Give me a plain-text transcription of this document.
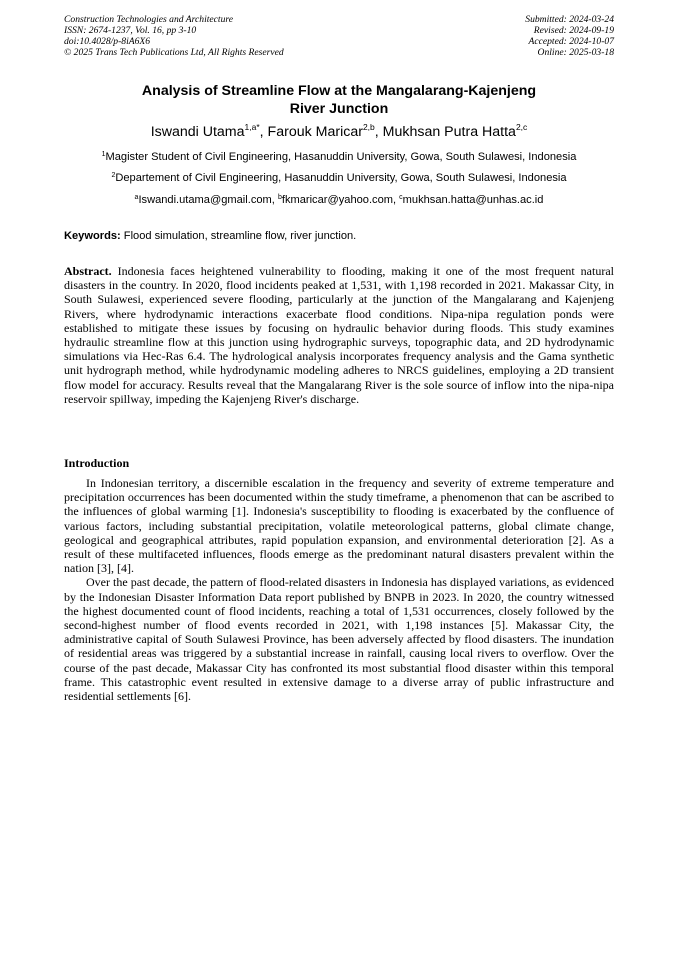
Construction Technologies and Architecture
ISSN: 2674-1237, Vol. 16, pp 3-10
doi:10.4028/p-8iA6X6
© 2025 Trans Tech Publications Ltd, All Rights Reserved
Submitted: 2024-03-24
Revised: 2024-09-19
Accepted: 2024-10-07
Online: 2025-03-18
Analysis of Streamline Flow at the Mangalarang-Kajenjeng
River Junction
Iswandi Utama$^{1,a*}$, Farouk Maricar$^{2,b}$, Mukhsan Putra Hatta$^{2,c}$
$^1$Magister Student of Civil Engineering, Hasanuddin University, Gowa, South Sulawesi, Indonesia
$^2$Departement of Civil Engineering, Hasanuddin University, Gowa, South Sulawesi, Indonesia
$^a$Iswandi.utama@gmail.com, $^b$fkmaricar@yahoo.com, $^c$mukhsan.hatta@unhas.ac.id
Keywords: Flood simulation, streamline flow, river junction.
Abstract. Indonesia faces heightened vulnerability to flooding, making it one of the most frequent natural disasters in the country. In 2020, flood incidents peaked at 1,531, with 1,198 recorded in 2021. Makassar City, in South Sulawesi, experienced severe flooding, particularly at the junction of the Mangalarang and Kajenjeng Rivers, where hydrodynamic interactions exacerbate flood conditions. Nipa-nipa regulation ponds were established to mitigate these issues by focusing on hydraulic behavior during floods. This study examines hydraulic streamline flow at this junction using hydrographic surveys, topographic data, and 2D hydrodynamic simulations via Hec-Ras 6.4. The hydrological analysis incorporates frequency analysis and the Gama synthetic unit hydrograph method, while hydrodynamic modeling adheres to NRCS guidelines, employing a 2D transient flow model for accuracy. Results reveal that the Mangalarang River is the sole source of inflow into the nipa-nipa reservoir spillway, impeding the Kajenjeng River's discharge.
Introduction
In Indonesian territory, a discernible escalation in the frequency and severity of extreme temperature and precipitation occurrences has been documented within the study timeframe, a phenomenon that can be ascribed to the influences of global warming [1]. Indonesia's susceptibility to flooding is exacerbated by the confluence of various factors, including substantial precipitation, volatile meteorological patterns, global climate change, geological and geographical attributes, rapid population expansion, and environmental deterioration [2]. As a result of these multifaceted influences, floods emerge as the predominant natural disasters prevalent within the nation [3], [4].
Over the past decade, the pattern of flood-related disasters in Indonesia has displayed variations, as evidenced by the Indonesian Disaster Information Data report published by BNPB in 2023. In 2020, the country witnessed the highest documented count of flood incidents, reaching a total of 1,531 occurrences, closely followed by the second-highest number of flood events recorded in 2021, with 1,198 instances [5]. Makassar City, the administrative capital of South Sulawesi Province, has been adversely affected by flood disasters. The inundation of residential areas was triggered by a substantial increase in rainfall, causing local rivers to overflow. Over the course of the past decade, Makassar City has confronted its most substantial flood disaster within this temporal frame. This catastrophic event resulted in extensive damage to a diverse array of public infrastructure and residential settlements [6].
